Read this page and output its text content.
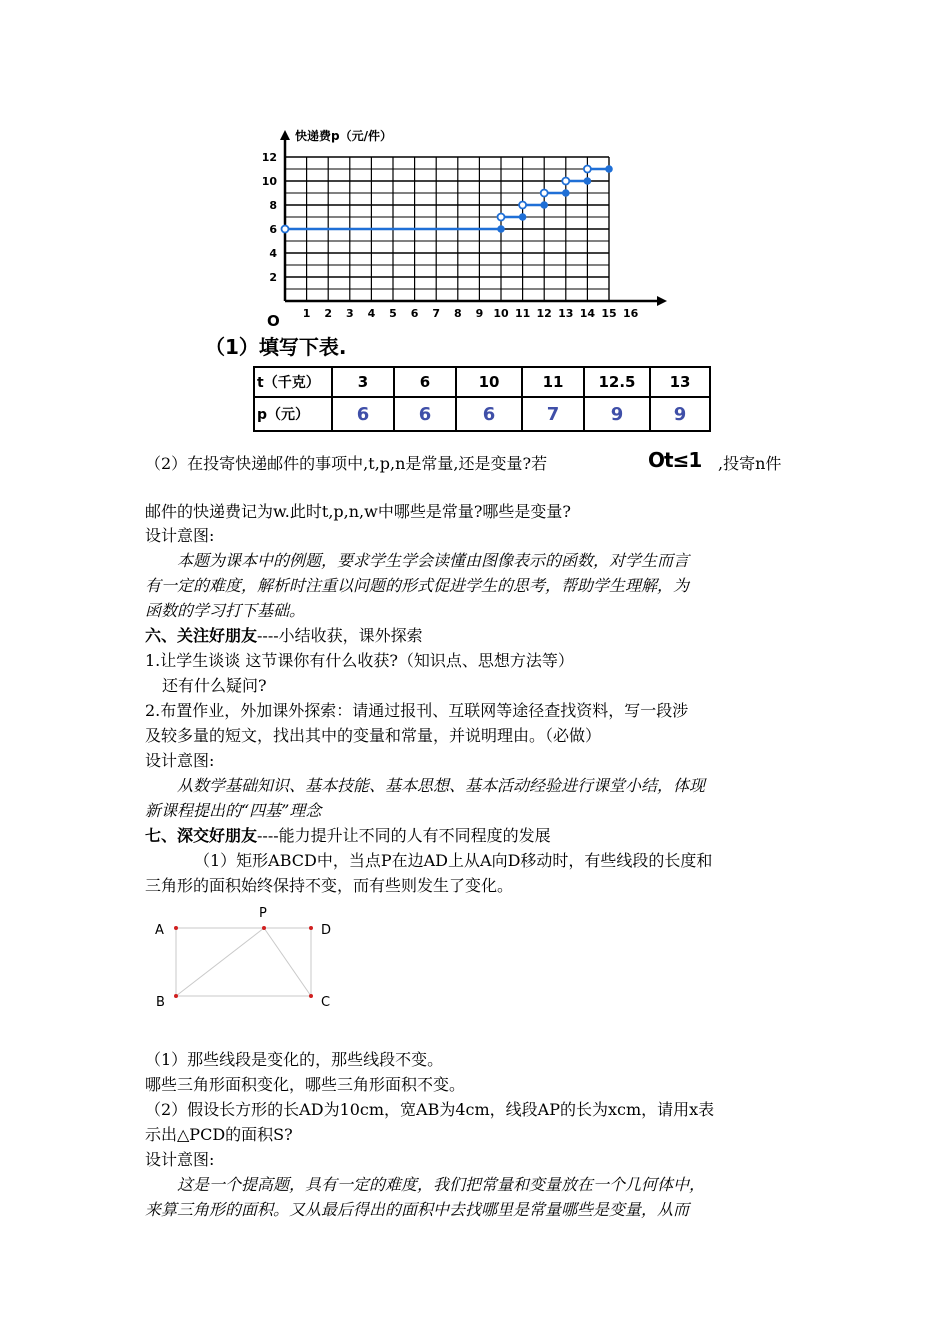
1 2 3 4 5 6 7 8 9 10 11 12 13 14 15 16
2
4
6
8
10
12
快递费p（元/件）
O
（1）填写下表.
t（千克）	3	6	10	11	12.5	13
p（元）	6	6	6	7	9	9
（2）在投寄快递邮件的事项中,t,p,n是常量,还是变量?若	Ot≤1 ,投寄n件
邮件的快递费记为w.此时t,p,n,w中哪些是常量?哪些是变量?
设计意图:
本题为课本中的例题，要求学生学会读懂由图像表示的函数，对学生而言
有一定的难度，解析时注重以问题的形式促进学生的思考，帮助学生理解，为
函数的学习打下基础。
六、关注好朋友----小结收获，课外探索
1.让学生谈谈 这节课你有什么收获?（知识点、思想方法等）
还有什么疑问?
2.布置作业，外加课外探索：请通过报刊、互联网等途径查找资料，写一段涉
及较多量的短文，找出其中的变量和常量，并说明理由。（必做）
设计意图:
从数学基础知识、基本技能、基本思想、基本活动经验进行课堂小结，体现
新课程提出的“四基”理念
七、深交好朋友----能力提升让不同的人有不同程度的发展
（1）矩形ABCD中，当点P在边AD上从A向D移动时，有些线段的长度和
三角形的面积始终保持不变，而有些则发生了变化。
A
P
D
B	C
（1）那些线段是变化的，那些线段不变。
哪些三角形面积变化，哪些三角形面积不变。
（2）假设长方形的长AD为10cm，宽AB为4cm，线段AP的长为xcm，请用x表
示出△PCD的面积S?
设计意图:
这是一个提高题，具有一定的难度，我们把常量和变量放在一个几何体中，
来算三角形的面积。又从最后得出的面积中去找哪里是常量哪些是变量，从而
